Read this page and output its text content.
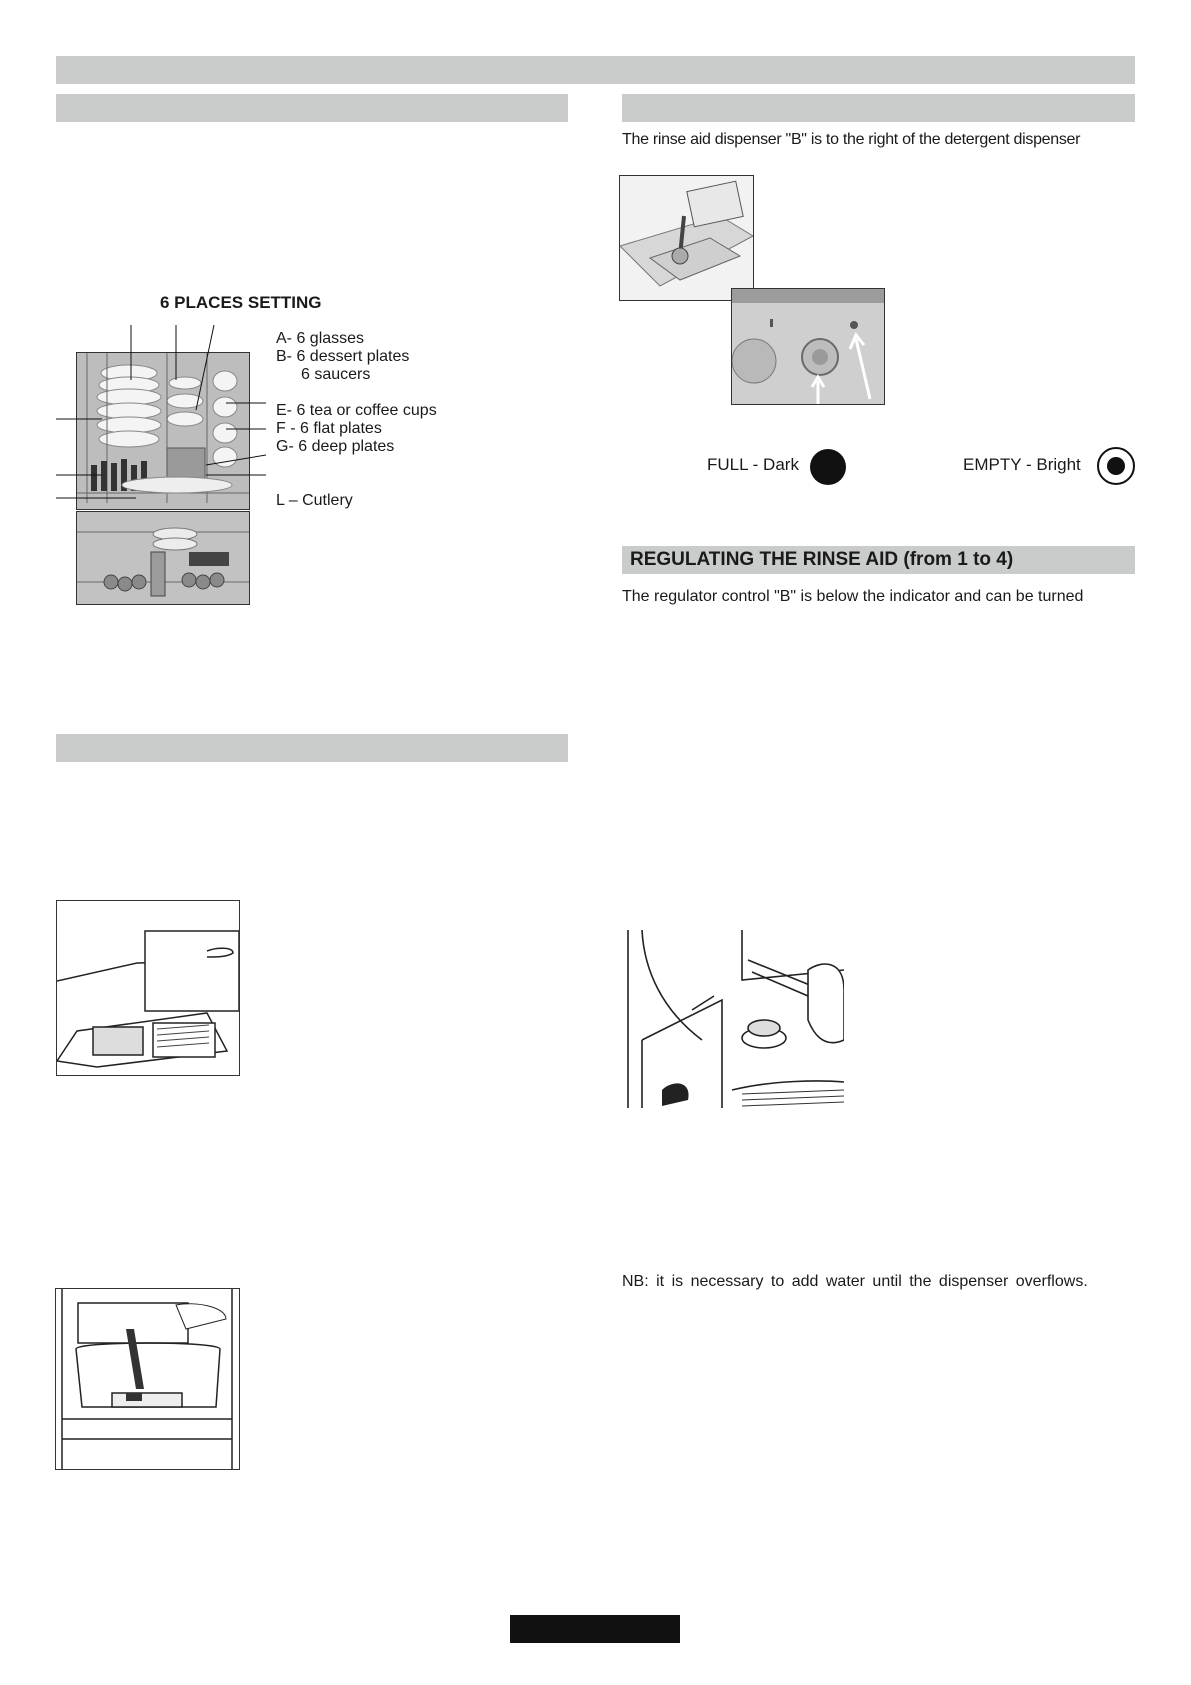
6 PLACES SETTING
A- 6 glasses
B- 6 dessert plates
6 saucers
E- 6 tea or coffee cups
F - 6 flat plates
G- 6 deep plates
L – Cutlery
The rinse aid dispenser "B" is to the right of the detergent dispenser
FULL - Dark	EMPTY - Bright
REGULATING THE RINSE AID (from 1 to 4)
The regulator control "B" is below the indicator and can be turned
NB: it is necessary to add water until the dispenser overflows.
